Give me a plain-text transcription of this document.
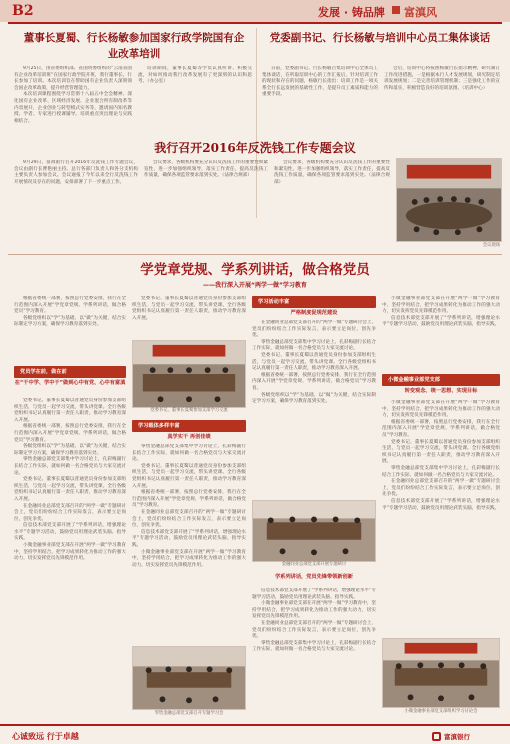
B2	发展 · 铸品牌 富滇风
董事长夏蜀、行长杨敏参加国家行政学院国有企业改革培训

9月25日，由省委组织部、省国资委组织的“云南省国有企业改革培训班”在国家行政学院开班，我行董事长、行长参加了培训。本次培训旨在帮助国有企业负责人深刻领会国企改革政策，提升经营管理能力。

本次培训课程围绕学习贯彻十八届五中全会精神、深化国有企业改革、区域经济发展、企业混合所有制改革等内容展开，企业创业与转型模式实务等，邀请国内知名教授、学者、专家进行授课辅导。培训重点突出理论与实践相结合。

培训期间，董事长夏蜀等学员认真听讲、积极交流，对如何推动我行改革发展有了更深刻的认识和思考。（办公室）

党委副书记、行长杨敏与培训中心员工集体谈话

日前，党委副书记、行长杨敏召集培训中心全体员工集体谈话，在听取培训中心的工作汇报后，针对培训工作的现状和存在的问题，杨敏行长指出：培训工作是一项关系全行长远发展的基础性工作，是提升员工素质和能力的重要手段。

会后，培训中心将按照杨敏行长指示精神，研究制订工作改进措施，一是根据本行人才发展规划，研究制定培训发展规划；二是完善培训管理机制；三是强化工作的宣传和落实，积极营造良好的培训氛围。（培训中心）

我行召开2016年反洗钱工作专题会议

9月29日，富滇银行召开2016年反洗钱工作专题会议，会议由副行长曹艳丽主持。总行各部门负责人和各分支机构主要负责人参加会议。会议通报了今年以来全行反洗钱工作开展情况及存在的问题，安排部署了下一步重点工作。

会议要求，各级机构要充分认识反洗钱工作的重要性和紧迫性，进一步加强组织领导，落实工作责任，提高反洗钱工作质量，确保各项监管要求落到实处。（法律合规部）

会议要求，各级机构要充分认识反洗钱工作的重要性和紧迫性，进一步加强组织领导，落实工作责任，提高反洗钱工作质量，确保各项监管要求落到实处。（法律合规部）

会议现场
学党章党规、学系列讲话，做合格党员
——我行深入开展“两学一做”学习教育

根据省委统一部署，按照总行党委安排，我行在全行范围内深入开展“学党章党规、学系列讲话，做合格党员”学习教育。

各级党组织以“学”为基础，以“做”为关键，结合实际制定学习方案，确保学习教育落到实处。

党员学在前，做在前
在“干中学、学中干”做到心中有党、心中有富滇

党委书记、董事长夏蜀以普通党员身份参加支部组织生活，与党员一起学习交流，带头讲党课。全行各级党组织书记认真履行第一责任人职责，推动学习教育深入开展。

根据省委统一部署，按照总行党委安排，我行在全行范围内深入开展“学党章党规、学系列讲话，做合格党员”学习教育。

各级党组织以“学”为基础，以“做”为关键，结合实际制定学习方案，确保学习教育落到实处。

零售金融总部党支部集中学习讨论上，孔彩梅副行长结合工作实际，就如何做一名合格党员与大家交流讨论。

党委书记、董事长夏蜀以普通党员身份参加支部组织生活，与党员一起学习交流，带头讲党课。全行各级党组织书记认真履行第一责任人职责，推动学习教育深入开展。

在金融同业总部党支部召开的“两学一做”专题研讨会上，党员们纷纷结合工作实际发言，表示要立足岗位，创先争优。

信息技术部党支部开展了“学系列讲话，增强理论水平”专题学习活动，鼓励党员用理论武装头脑、指导实践。

小微金融事业部党支部在开展“两学一做”学习教育中，坚持学用结合，把学习成果转化为推动工作的强大动力，切实发挥党员先锋模范作用。

党委书记、董事长夏蜀以普通党员身份参加支部组织生活，与党员一起学习交流，带头讲党课。全行各级党组织书记认真履行第一责任人职责，推动学习教育深入开展。

党委书记、董事长夏蜀参加支部学习交流
学习载体多样丰富
真学实干 再创佳绩

零售金融总部党支部集中学习讨论上，孔彩梅副行长结合工作实际，就如何做一名合格党员与大家交流讨论。

党委书记、董事长夏蜀以普通党员身份参加支部组织生活，与党员一起学习交流，带头讲党课。全行各级党组织书记认真履行第一责任人职责，推动学习教育深入开展。

根据省委统一部署，按照总行党委安排，我行在全行范围内深入开展“学党章党规、学系列讲话，做合格党员”学习教育。

在金融同业总部党支部召开的“两学一做”专题研讨会上，党员们纷纷结合工作实际发言，表示要立足岗位，创先争优。

信息技术部党支部开展了“学系列讲话，增强理论水平”专题学习活动，鼓励党员用理论武装头脑、指导实践。

小微金融事业部党支部在开展“两学一做”学习教育中，坚持学用结合，把学习成果转化为推动工作的强大动力，切实发挥党员先锋模范作用。

零售金融总部党支部召开专题学习会
学习活动丰富
严格制度促规范建设

在金融同业总部党支部召开的“两学一做”专题研讨会上，党员们纷纷结合工作实际发言，表示要立足岗位，创先争优。

零售金融总部党支部集中学习讨论上，孔彩梅副行长结合工作实际，就如何做一名合格党员与大家交流讨论。

党委书记、董事长夏蜀以普通党员身份参加支部组织生活，与党员一起学习交流，带头讲党课。全行各级党组织书记认真履行第一责任人职责，推动学习教育深入开展。

根据省委统一部署，按照总行党委安排，我行在全行范围内深入开展“学党章党规、学系列讲话，做合格党员”学习教育。

各级党组织以“学”为基础，以“做”为关键，结合实际制定学习方案，确保学习教育落到实处。

金融同业总部党支部开展专题研讨
学系列讲话，党员先锋带领新创新

信息技术部党支部开展了“学系列讲话，增强理论水平”专题学习活动，鼓励党员用理论武装头脑、指导实践。

小微金融事业部党支部在开展“两学一做”学习教育中，坚持学用结合，把学习成果转化为推动工作的强大动力，切实发挥党员先锋模范作用。

在金融同业总部党支部召开的“两学一做”专题研讨会上，党员们纷纷结合工作实际发言，表示要立足岗位，创先争优。

零售金融总部党支部集中学习讨论上，孔彩梅副行长结合工作实际，就如何做一名合格党员与大家交流讨论。

小微金融事业部党支部在开展“两学一做”学习教育中，坚持学用结合，把学习成果转化为推动工作的强大动力，切实发挥党员先锋模范作用。

信息技术部党支部开展了“学系列讲话，增强理论水平”专题学习活动，鼓励党员用理论武装头脑、指导实践。

小微金融事业部党支部
转变观念、统一思想、实现目标

小微金融事业部党支部在开展“两学一做”学习教育中，坚持学用结合，把学习成果转化为推动工作的强大动力，切实发挥党员先锋模范作用。

根据省委统一部署，按照总行党委安排，我行在全行范围内深入开展“学党章党规、学系列讲话，做合格党员”学习教育。

党委书记、董事长夏蜀以普通党员身份参加支部组织生活，与党员一起学习交流，带头讲党课。全行各级党组织书记认真履行第一责任人职责，推动学习教育深入开展。

零售金融总部党支部集中学习讨论上，孔彩梅副行长结合工作实际，就如何做一名合格党员与大家交流讨论。

在金融同业总部党支部召开的“两学一做”专题研讨会上，党员们纷纷结合工作实际发言，表示要立足岗位，创先争优。

信息技术部党支部开展了“学系列讲话，增强理论水平”专题学习活动，鼓励党员用理论武装头脑、指导实践。

小微金融事业部党支部组织学习讨论会
心诚致远 行于卓越	富滇银行
